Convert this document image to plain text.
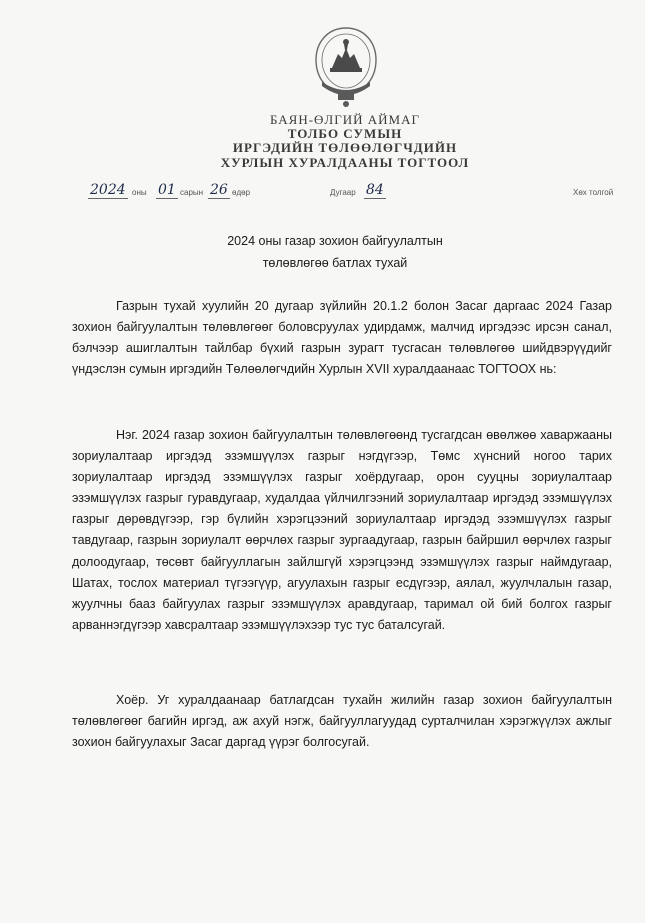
БАЯН-ӨЛГИЙ АЙМАГ
ТОЛБО СУМЫН
ИРГЭДИЙН ТӨЛӨӨЛӨГЧДИЙН
ХУРЛЫН ХУРАЛДААНЫ ТОГТООЛ
2024 оны 01 сарын 26 өдөр	Дугаар 84	Хөх толгой
2024 оны газар зохион байгуулалтын
төлөвлөгөө батлах тухай

Газрын тухай хуулийн 20 дугаар зүйлийн 20.1.2 болон Засаг даргаас 2024 Газар зохион байгуулалтын төлөвлөгөөг боловсруулах удирдамж, малчид иргэдээс ирсэн санал, бэлчээр ашиглалтын тайлбар бүхий газрын зурагт тусгасан төлөвлөгөө шийдвэрүүдийг үндэслэн сумын иргэдийн Төлөөлөгчдийн Хурлын XVII хуралдаанаас ТОГТООХ нь:

Нэг. 2024 газар зохион байгуулалтын төлөвлөгөөнд тусгагдсан өвөлжөө хаваржааны зориулалтаар иргэдэд эзэмшүүлэх газрыг нэгдүгээр, Төмс хүнсний ногоо тарих зориулалтаар иргэдэд эзэмшүүлэх газрыг хоёрдугаар, орон сууцны зориулалтаар эзэмшүүлэх газрыг гуравдугаар, худалдаа үйлчилгээний зориулалтаар иргэдэд эзэмшүүлэх газрыг дөрөвдүгээр, гэр бүлийн хэрэгцээний зориулалтаар иргэдэд эзэмшүүлэх газрыг тавдугаар, газрын зориулалт өөрчлөх газрыг зургаадугаар, газрын байршил өөрчлөх газрыг долоодугаар, төсөвт байгууллагын зайлшгүй хэрэгцээнд эзэмшүүлэх газрыг наймдугаар, Шатах, тослох материал түгээгүүр, агуулахын газрыг есдүгээр, аялал, жуулчлалын газар, жуулчны бааз байгуулах газрыг эзэмшүүлэх аравдугаар, таримал ой бий болгох газрыг арваннэгдүгээр хавсралтаар эзэмшүүлэхээр тус тус баталсугай.

Хоёр. Уг хуралдаанаар батлагдсан тухайн жилийн газар зохион байгуулалтын төлөвлөгөөг багийн иргэд, аж ахуй нэгж, байгууллагуудад сурталчилан хэрэгжүүлэх ажлыг зохион байгуулахыг Засаг даргад үүрэг болгосугай.
